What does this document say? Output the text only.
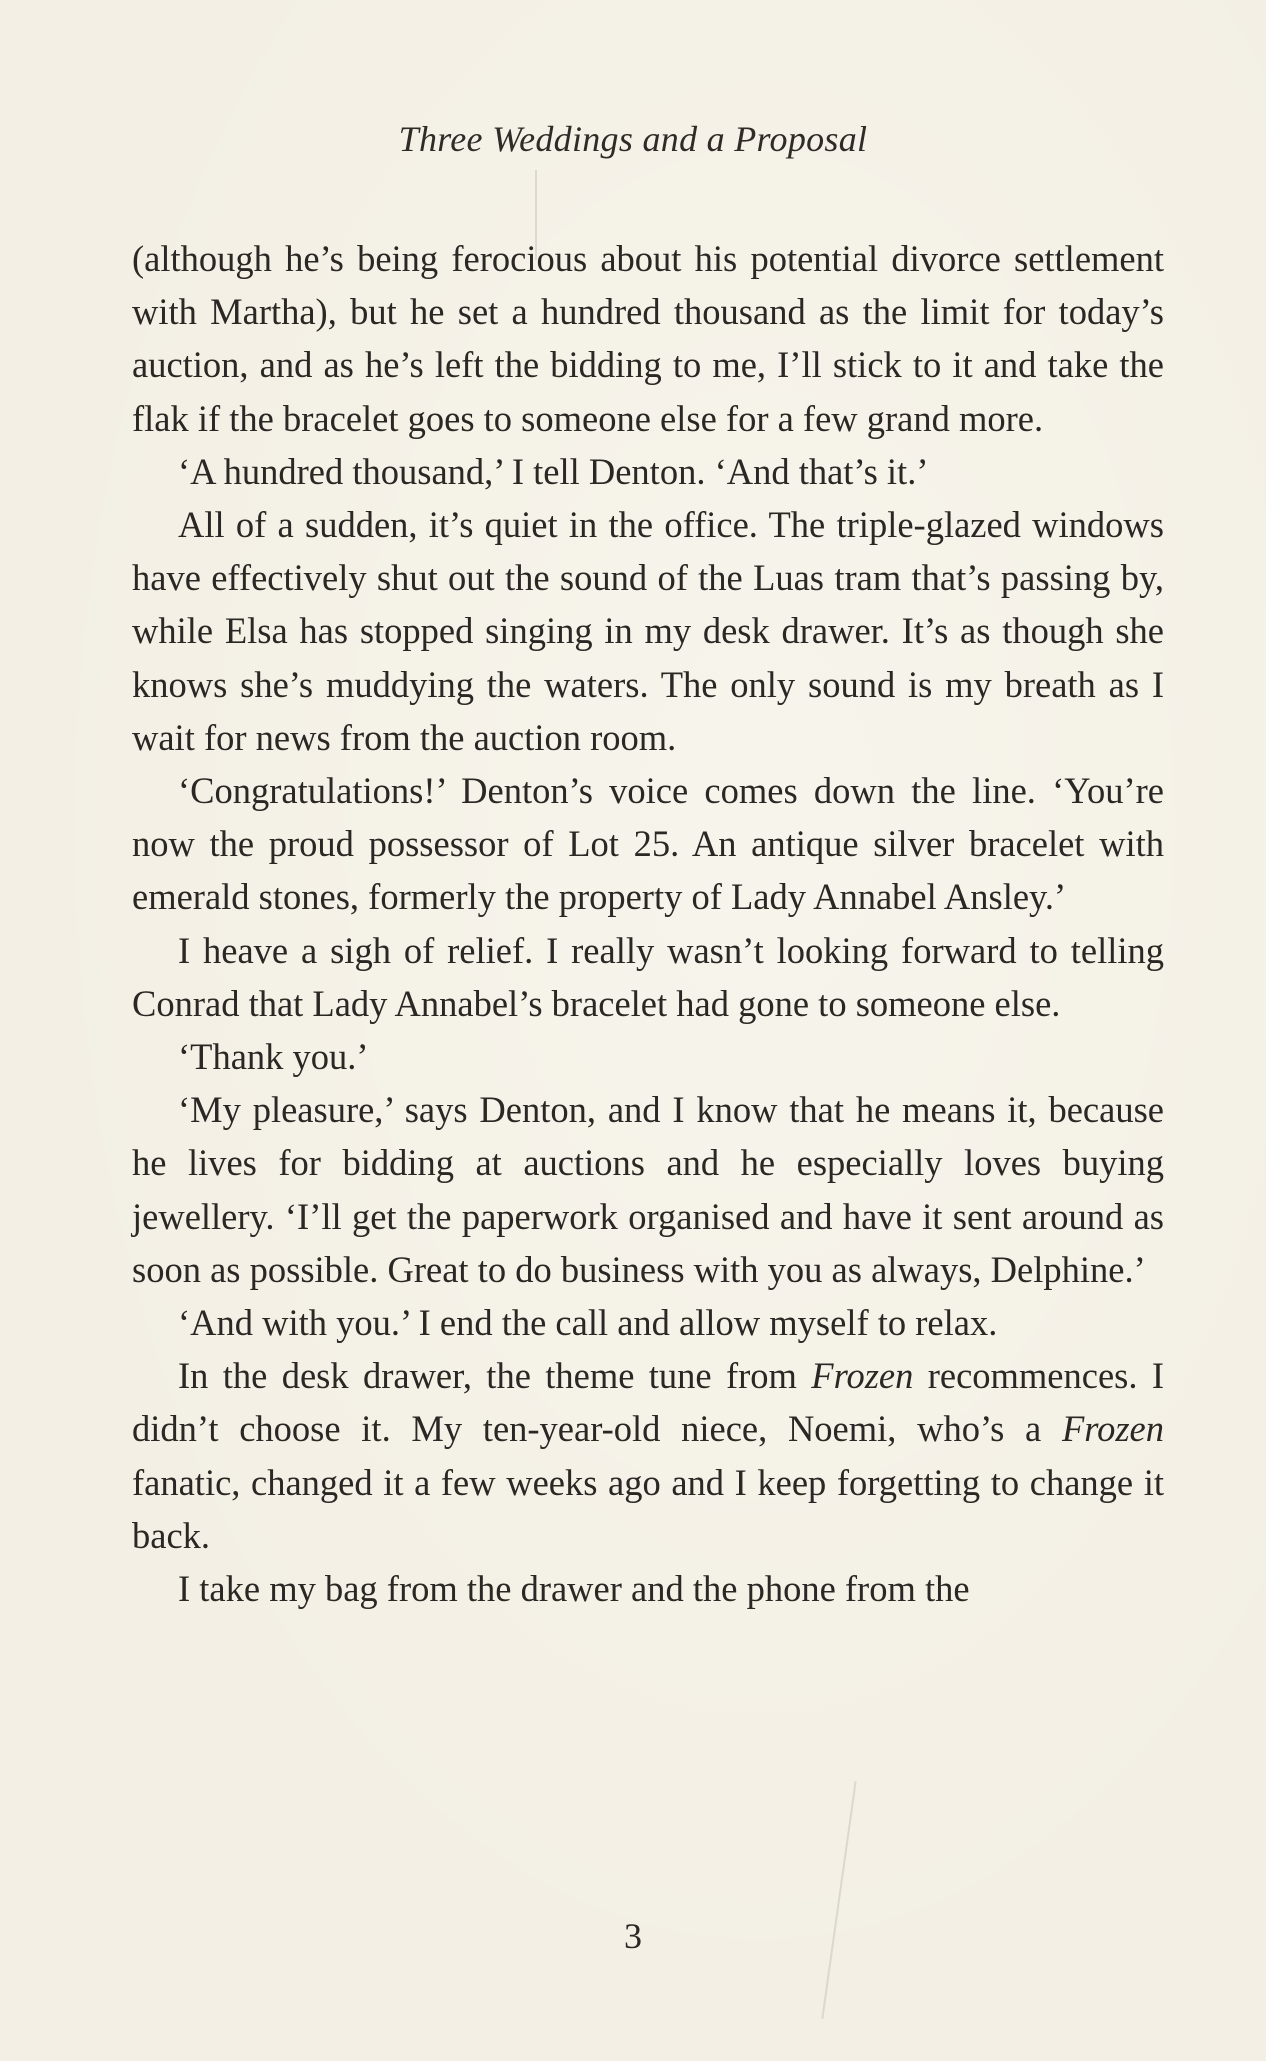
Three Weddings and a Proposal

(although he’s being ferocious about his potential divorce settlement with Martha), but he set a hundred thousand as the limit for today’s auction, and as he’s left the bidding to me, I’ll stick to it and take the flak if the bracelet goes to someone else for a few grand more.

‘A hundred thousand,’ I tell Denton. ‘And that’s it.’

All of a sudden, it’s quiet in the office. The triple-glazed windows have effectively shut out the sound of the Luas tram that’s passing by, while Elsa has stopped singing in my desk drawer. It’s as though she knows she’s muddying the waters. The only sound is my breath as I wait for news from the auction room.

‘Congratulations!’ Denton’s voice comes down the line. ‘You’re now the proud possessor of Lot 25. An antique silver bracelet with emerald stones, formerly the property of Lady Annabel Ansley.’

I heave a sigh of relief. I really wasn’t looking forward to telling Conrad that Lady Annabel’s bracelet had gone to someone else.

‘Thank you.’

‘My pleasure,’ says Denton, and I know that he means it, because he lives for bidding at auctions and he especially loves buying jewellery. ‘I’ll get the paperwork organised and have it sent around as soon as possible. Great to do business with you as always, Delphine.’

‘And with you.’ I end the call and allow myself to relax.

In the desk drawer, the theme tune from Frozen recommences. I didn’t choose it. My ten-year-old niece, Noemi, who’s a Frozen fanatic, changed it a few weeks ago and I keep forgetting to change it back.

I take my bag from the drawer and the phone from the

3
